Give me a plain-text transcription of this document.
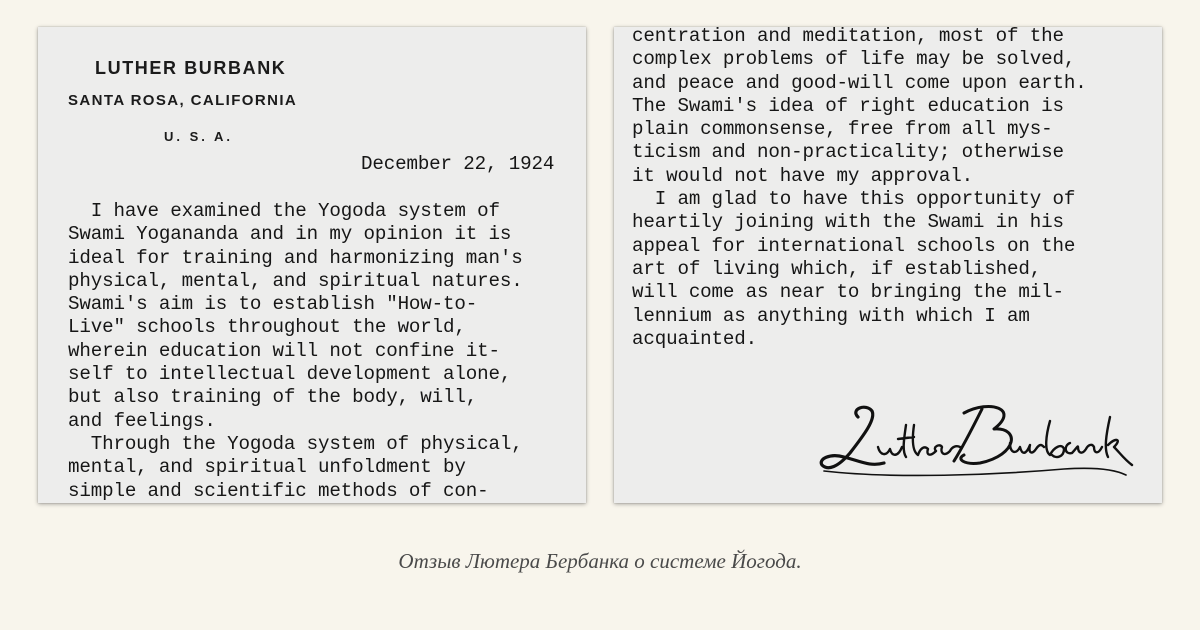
LUTHER BURBANK
SANTA ROSA, CALIFORNIA
U. S. A.
December 22, 1924
I have examined the Yogoda system of
Swami Yogananda and in my opinion it is
ideal for training and harmonizing man's
physical, mental, and spiritual natures.
Swami's aim is to establish "How-to-
Live" schools throughout the world,
wherein education will not confine it-
self to intellectual development alone,
but also training of the body, will,
and feelings.
Through the Yogoda system of physical,
mental, and spiritual unfoldment by
simple and scientific methods of con-
centration and meditation, most of the
complex problems of life may be solved,
and peace and good-will come upon earth.
The Swami's idea of right education is
plain commonsense, free from all mys-
ticism and non-practicality; otherwise
it would not have my approval.
I am glad to have this opportunity of
heartily joining with the Swami in his
appeal for international schools on the
art of living which, if established,
will come as near to bringing the mil-
lennium as anything with which I am
acquainted.
Отзыв Лютера Бербанка о системе Йогода.
